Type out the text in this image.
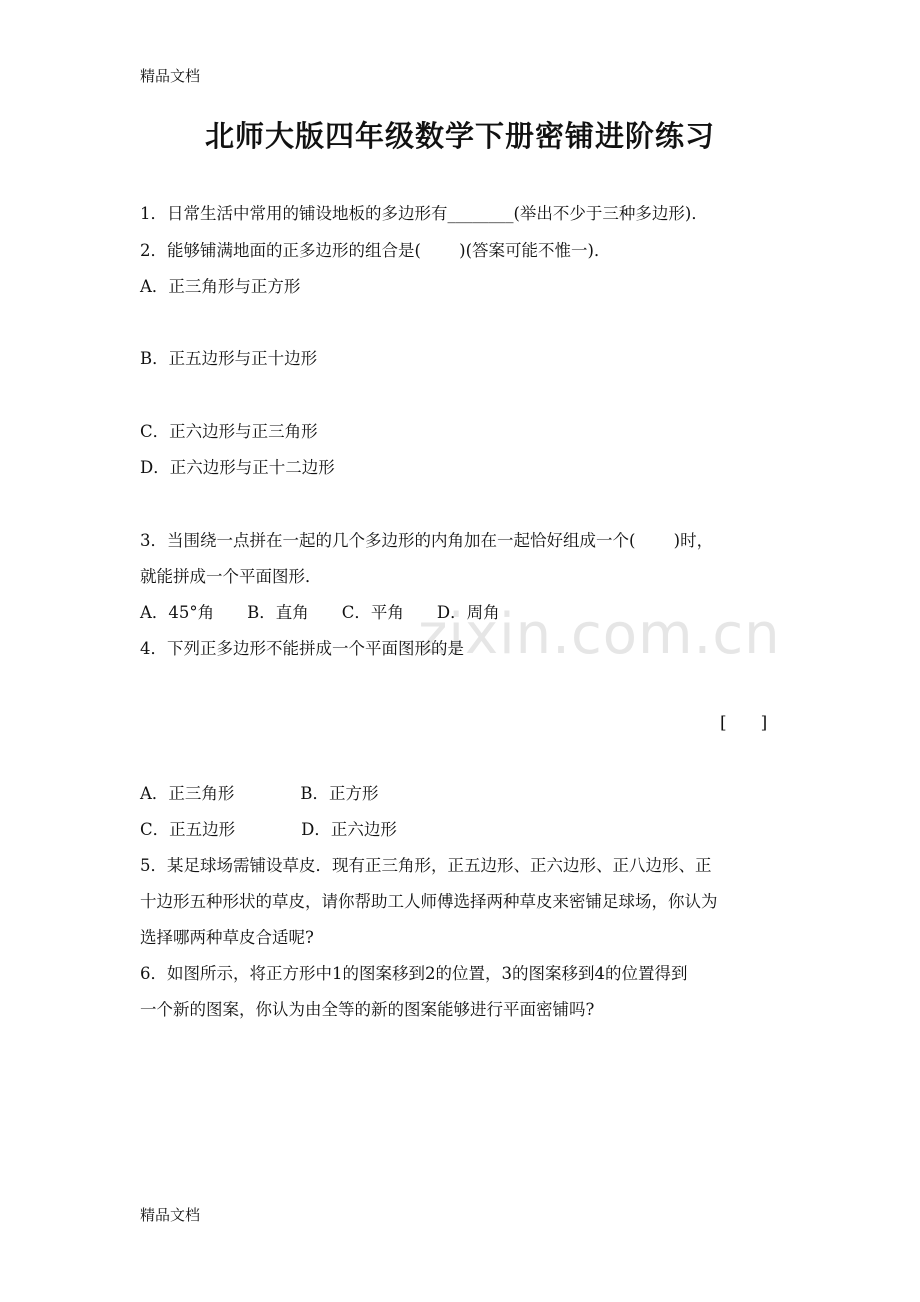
zixin.com.cn
精品文档
北师大版四年级数学下册密铺进阶练习
1．日常生活中常用的铺设地板的多边形有________(举出不少于三种多边形)．
2．能够铺满地面的正多边形的组合是(　　 )(答案可能不惟一)．
A．正三角形与正方形
B．正五边形与正十边形
C．正六边形与正三角形
D．正六边形与正十二边形
3．当围绕一点拼在一起的几个多边形的内角加在一起恰好组成一个(　　 )时，
就能拼成一个平面图形．
A．45°角　　B．直角　　C．平角　　D．周角
4．下列正多边形不能拼成一个平面图形的是
[　　]
A．正三角形　　　　B．正方形
C．正五边形　　　　D．正六边形
5．某足球场需铺设草皮．现有正三角形，正五边形、正六边形、正八边形、正
十边形五种形状的草皮，请你帮助工人师傅选择两种草皮来密铺足球场，你认为
选择哪两种草皮合适呢?
6．如图所示，将正方形中1的图案移到2的位置，3的图案移到4的位置得到
一个新的图案，你认为由全等的新的图案能够进行平面密铺吗?
精品文档
